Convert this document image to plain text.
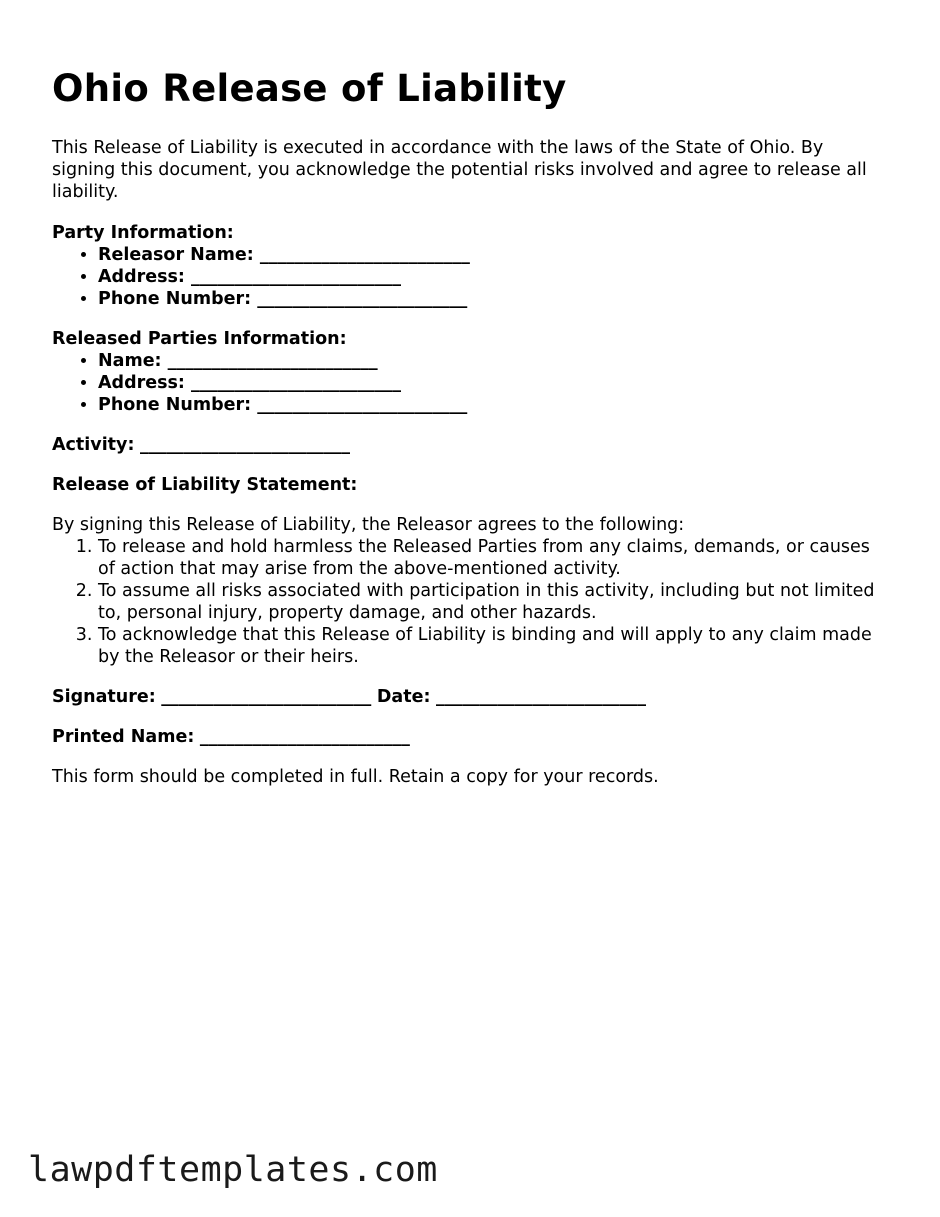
Ohio Release of Liability

This Release of Liability is executed in accordance with the laws of the State of Ohio. By signing this document, you acknowledge the potential risks involved and agree to release all liability.

Party Information:

• Releasor Name: ________________________
• Address: ________________________
• Phone Number: ________________________

Released Parties Information:

• Name: ________________________
• Address: ________________________
• Phone Number: ________________________

Activity: ________________________

Release of Liability Statement:

By signing this Release of Liability, the Releasor agrees to the following:

1. To release and hold harmless the Released Parties from any claims, demands, or causes of action that may arise from the above-mentioned activity.
2. To assume all risks associated with participation in this activity, including but not limited to, personal injury, property damage, and other hazards.
3. To acknowledge that this Release of Liability is binding and will apply to any claim made by the Releasor or their heirs.

Signature: ________________________ Date: ________________________

Printed Name: ________________________

This form should be completed in full. Retain a copy for your records.

lawpdftemplates.com
